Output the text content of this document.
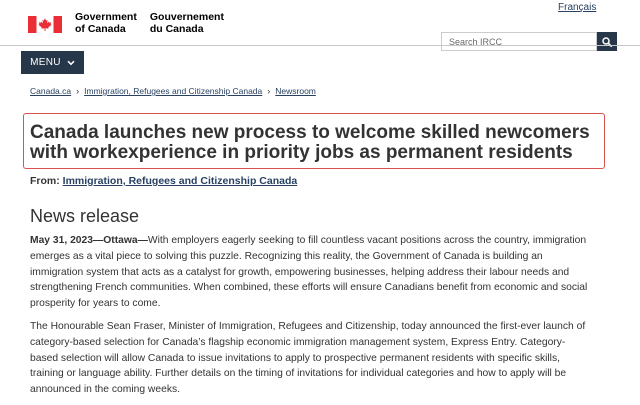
Français
Government
of Canada
Gouvernement
du Canada
Search IRCC
MENU
Canada.ca › Immigration, Refugees and Citizenship Canada › Newsroom
Canada launches new process to welcome skilled newcomers with workexperience in priority jobs as permanent residents
From: Immigration, Refugees and Citizenship Canada
News release

May 31, 2023—Ottawa—With employers eagerly seeking to fill countless vacant positions across the country, immigration emerges as a vital piece to solving this puzzle. Recognizing this reality, the Government of Canada is building an immigration system that acts as a catalyst for growth, empowering businesses, helping address their labour needs and strengthening French communities. When combined, these efforts will ensure Canadians benefit from economic and social prosperity for years to come.

The Honourable Sean Fraser, Minister of Immigration, Refugees and Citizenship, today announced the first-ever launch of category-based selection for Canada’s flagship economic immigration management system, Express Entry. Category-based selection will allow Canada to issue invitations to apply to prospective permanent residents with specific skills, training or language ability. Further details on the timing of invitations for individual categories and how to apply will be announced in the coming weeks.
